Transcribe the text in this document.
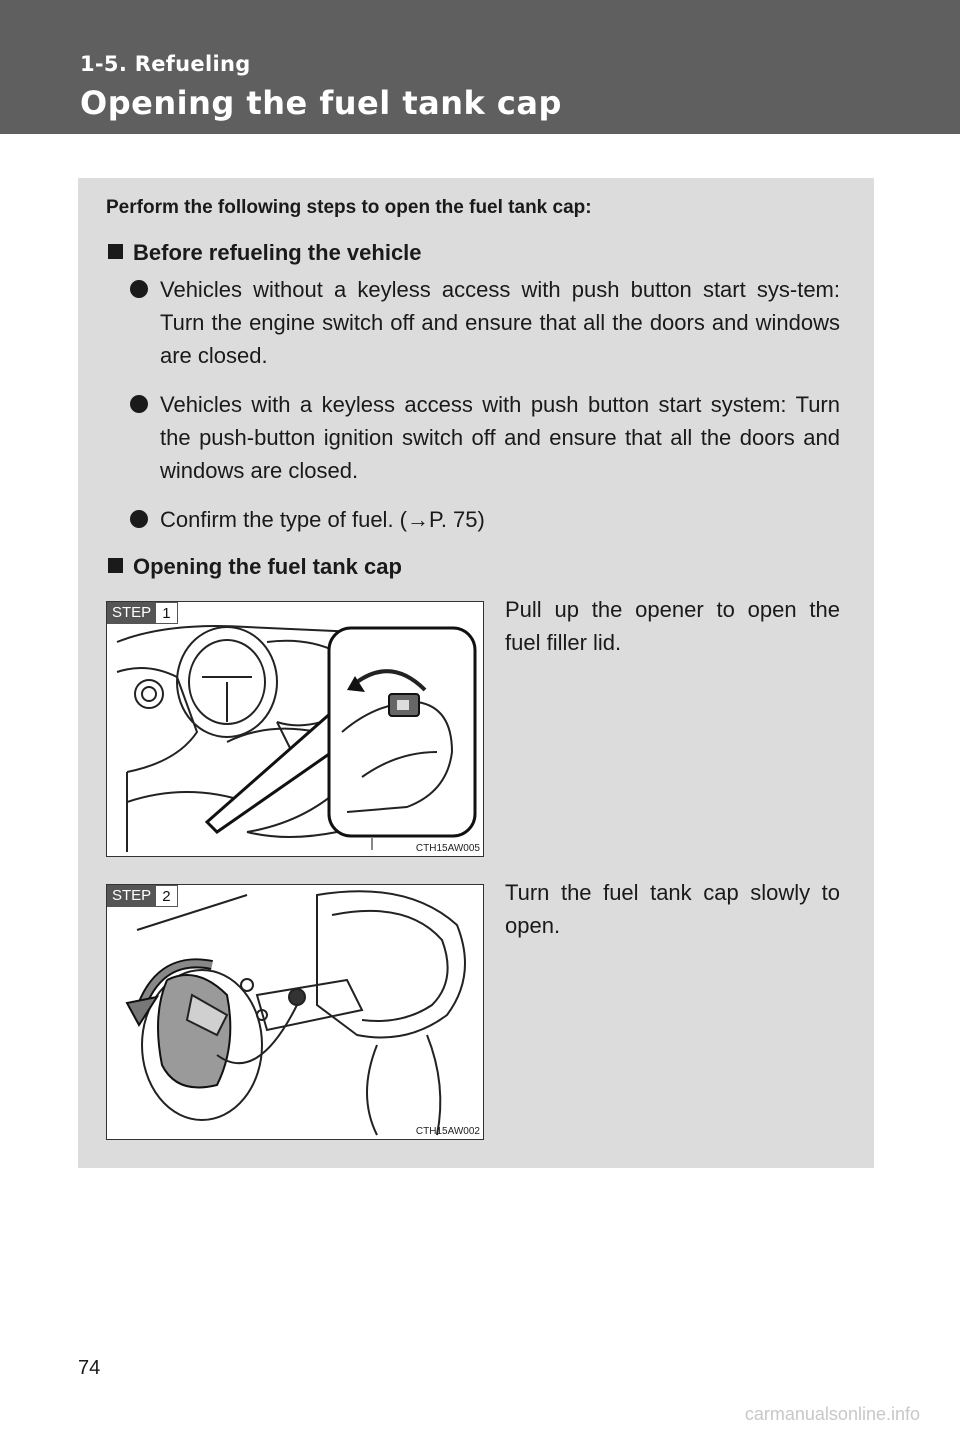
1-5. Refueling
Opening the fuel tank cap
Perform the following steps to open the fuel tank cap:
Before refueling the vehicle
Vehicles without a keyless access with push button start sys-tem: Turn the engine switch off and ensure that all the doors and windows are closed.
Vehicles with a keyless access with push button start system: Turn the push-button ignition switch off and ensure that all the doors and windows are closed.
Confirm the type of fuel. (→P. 75)
Opening the fuel tank cap
STEP 1
CTH15AW005
Pull up the opener to open the fuel filler lid.
STEP 2
CTH15AW002
Turn the fuel tank cap slowly to open.
74
carmanualsonline.info
